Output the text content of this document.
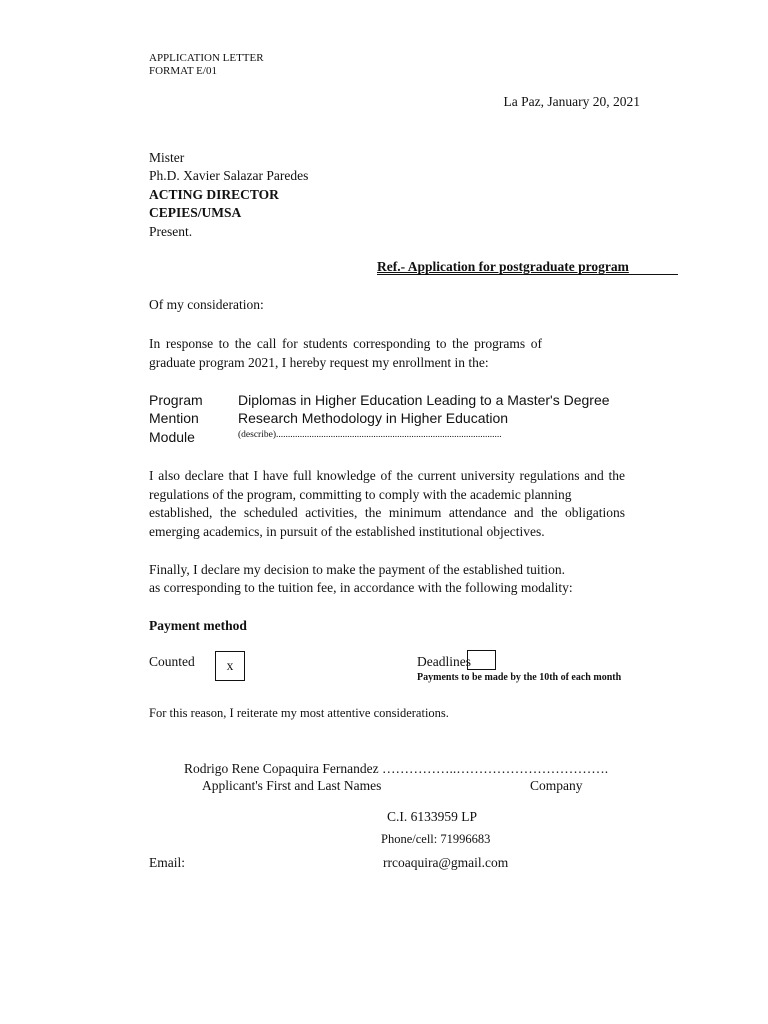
APPLICATION LETTER
FORMAT E/01
La Paz, January 20, 2021
Mister
Ph.D. Xavier Salazar Paredes
ACTING DIRECTOR
CEPIES/UMSA
Present.
Ref.- Application for postgraduate program
Of my consideration:
In response to the call for students corresponding to the programs of
graduate program 2021, I hereby request my enrollment in the:
Program	Diplomas in Higher Education Leading to a Master's Degree
Mention	Research Methodology in Higher Education
Module	(describe)...............................................................................................
I also declare that I have full knowledge of the current university regulations and the
regulations of the program, committing to comply with the academic planning
established, the scheduled activities, the minimum attendance and the obligations
emerging academics, in pursuit of the established institutional objectives.
Finally, I declare my decision to make the payment of the established tuition.
as corresponding to the tuition fee, in accordance with the following modality:
Payment method
Counted x	Deadlines
Payments to be made by the 10th of each month
For this reason, I reiterate my most attentive considerations.
Rodrigo Rene Copaquira Fernandez ……………..…………………………….
Applicant's First and Last Names	Company
C.I. 6133959 LP
Phone/cell: 71996683
Email:	rrcoaquira@gmail.com
